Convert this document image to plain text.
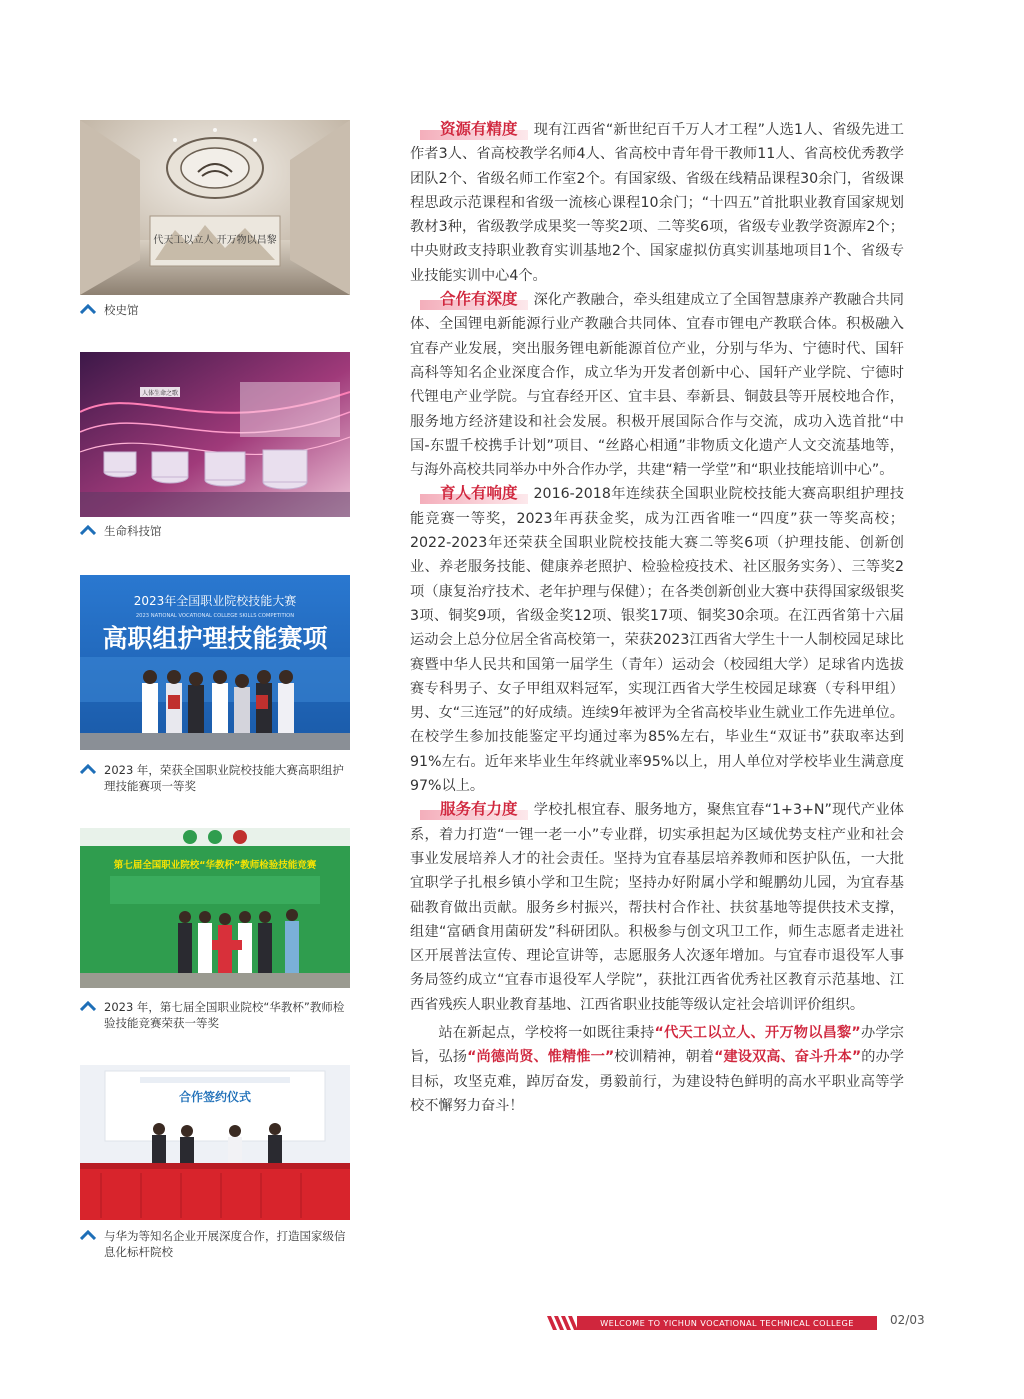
代天工以立人 开万物以昌黎
校史馆
人体生命之歌
生命科技馆
2023年全国职业院校技能大赛
2023 NATIONAL VOCATIONAL COLLEGE SKILLS COMPETITION
高职组护理技能赛项
2023 年，荣获全国职业院校技能大赛高职组护理技能赛项一等奖
第七届全国职业院校“华教杯”教师检验技能竞赛
2023 年，第七届全国职业院校“华教杯”教师检验技能竞赛荣获一等奖
合作签约仪式
与华为等知名企业开展深度合作，打造国家级信息化标杆院校

资源有精度 现有江西省“新世纪百千万人才工程”人选1人、省级先进工作者3人、省高校教学名师4人、省高校中青年骨干教师11人、省高校优秀教学团队2个、省级名师工作室2个。有国家级、省级在线精品课程30余门，省级课程思政示范课程和省级一流核心课程10余门；“十四五”首批职业教育国家规划教材3种，省级教学成果奖一等奖2项、二等奖6项，省级专业教学资源库2个；中央财政支持职业教育实训基地2个、国家虚拟仿真实训基地项目1个、省级专业技能实训中心4个。

合作有深度 深化产教融合，牵头组建成立了全国智慧康养产教融合共同体、全国锂电新能源行业产教融合共同体、宜春市锂电产教联合体。积极融入宜春产业发展，突出服务锂电新能源首位产业，分别与华为、宁德时代、国轩高科等知名企业深度合作，成立华为开发者创新中心、国轩产业学院、宁德时代锂电产业学院。与宜春经开区、宜丰县、奉新县、铜鼓县等开展校地合作，服务地方经济建设和社会发展。积极开展国际合作与交流，成功入选首批“中国-东盟千校携手计划”项目、“丝路心相通”非物质文化遗产人文交流基地等，与海外高校共同举办中外合作办学，共建“精一学堂”和“职业技能培训中心”。

育人有响度 2016-2018年连续获全国职业院校技能大赛高职组护理技能竞赛一等奖，2023年再获金奖，成为江西省唯一“四度”获一等奖高校；2022-2023年还荣获全国职业院校技能大赛二等奖6项（护理技能、创新创业、养老服务技能、健康养老照护、检验检疫技术、社区服务实务）、三等奖2项（康复治疗技术、老年护理与保健）；在各类创新创业大赛中获得国家级银奖3项、铜奖9项，省级金奖12项、银奖17项、铜奖30余项。在江西省第十六届运动会上总分位居全省高校第一，荣获2023江西省大学生十一人制校园足球比赛暨中华人民共和国第一届学生（青年）运动会（校园组大学）足球省内选拔赛专科男子、女子甲组双料冠军，实现江西省大学生校园足球赛（专科甲组）男、女“三连冠”的好成绩。连续9年被评为全省高校毕业生就业工作先进单位。在校学生参加技能鉴定平均通过率为85%左右，毕业生“双证书”获取率达到91%左右。近年来毕业生年终就业率95%以上，用人单位对学校毕业生满意度97%以上。

服务有力度 学校扎根宜春、服务地方，聚焦宜春“1+3+N”现代产业体系，着力打造“一锂一老一小”专业群，切实承担起为区域优势支柱产业和社会事业发展培养人才的社会责任。坚持为宜春基层培养教师和医护队伍，一大批宜职学子扎根乡镇小学和卫生院；坚持办好附属小学和鲲鹏幼儿园，为宜春基础教育做出贡献。服务乡村振兴，帮扶村合作社、扶贫基地等提供技术支撑，组建“富硒食用菌研发”科研团队。积极参与创文巩卫工作，师生志愿者走进社区开展普法宣传、理论宣讲等，志愿服务人次逐年增加。与宜春市退役军人事务局签约成立“宜春市退役军人学院”，获批江西省优秀社区教育示范基地、江西省残疾人职业教育基地、江西省职业技能等级认定社会培训评价组织。

站在新起点，学校将一如既往秉持“代天工以立人、开万物以昌黎”办学宗旨，弘扬“尚德尚贤、惟精惟一”校训精神，朝着“建设双高、奋斗升本”的办学目标，攻坚克难，踔厉奋发，勇毅前行，为建设特色鲜明的高水平职业高等学校不懈努力奋斗！

WELCOME TO YICHUN VOCATIONAL TECHNICAL COLLEGE	02/03
